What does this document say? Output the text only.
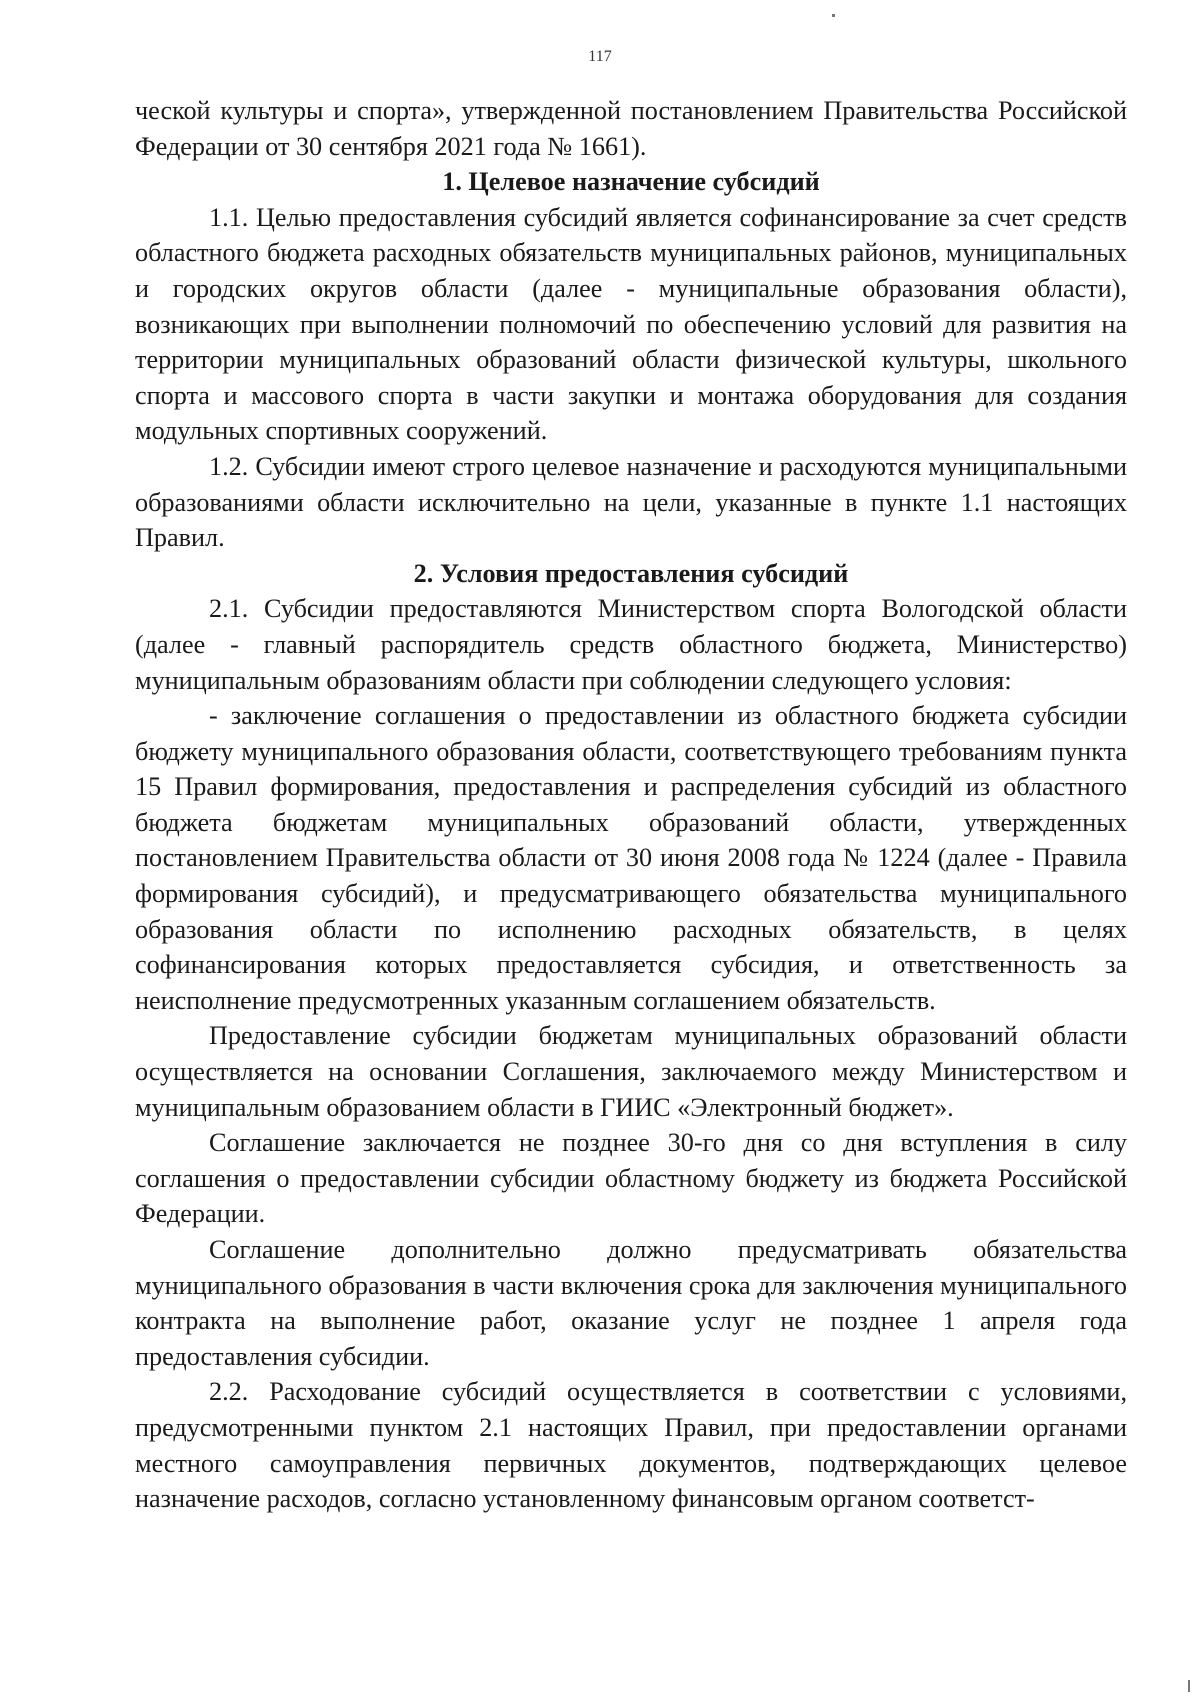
117

ческой культуры и спорта», утвержденной постановлением Правительства Российской Федерации от 30 сентября 2021 года № 1661).

1. Целевое назначение субсидий

1.1. Целью предоставления субсидий является софинансирование за счет средств областного бюджета расходных обязательств муниципальных районов, муниципальных и городских округов области (далее - муниципальные образования области), возникающих при выполнении полномочий по обеспечению условий для развития на территории муниципальных образований области физической культуры, школьного спорта и массового спорта в части закупки и монтажа оборудования для создания модульных спортивных сооружений.

1.2. Субсидии имеют строго целевое назначение и расходуются муниципальными образованиями области исключительно на цели, указанные в пункте 1.1 настоящих Правил.

2. Условия предоставления субсидий

2.1. Субсидии предоставляются Министерством спорта Вологодской области (далее - главный распорядитель средств областного бюджета, Министерство) муниципальным образованиям области при соблюдении следующего условия:

- заключение соглашения о предоставлении из областного бюджета субсидии бюджету муниципального образования области, соответствующего требованиям пункта 15 Правил формирования, предоставления и распределения субсидий из областного бюджета бюджетам муниципальных образований области, утвержденных постановлением Правительства области от 30 июня 2008 года № 1224 (далее - Правила формирования субсидий), и предусматривающего обязательства муниципального образования области по исполнению расходных обязательств, в целях софинансирования которых предоставляется субсидия, и ответственность за неисполнение предусмотренных указанным соглашением обязательств.

Предоставление субсидии бюджетам муниципальных образований области осуществляется на основании Соглашения, заключаемого между Министерством и муниципальным образованием области в ГИИС «Электронный бюджет».

Соглашение заключается не позднее 30-го дня со дня вступления в силу соглашения о предоставлении субсидии областному бюджету из бюджета Российской Федерации.

Соглашение дополнительно должно предусматривать обязательства муниципального образования в части включения срока для заключения муниципального контракта на выполнение работ, оказание услуг не позднее 1 апреля года предоставления субсидии.

2.2. Расходование субсидий осуществляется в соответствии с условиями, предусмотренными пунктом 2.1 настоящих Правил, при предоставлении органами местного самоуправления первичных документов, подтверждающих целевое назначение расходов, согласно установленному финансовым органом соответст-
